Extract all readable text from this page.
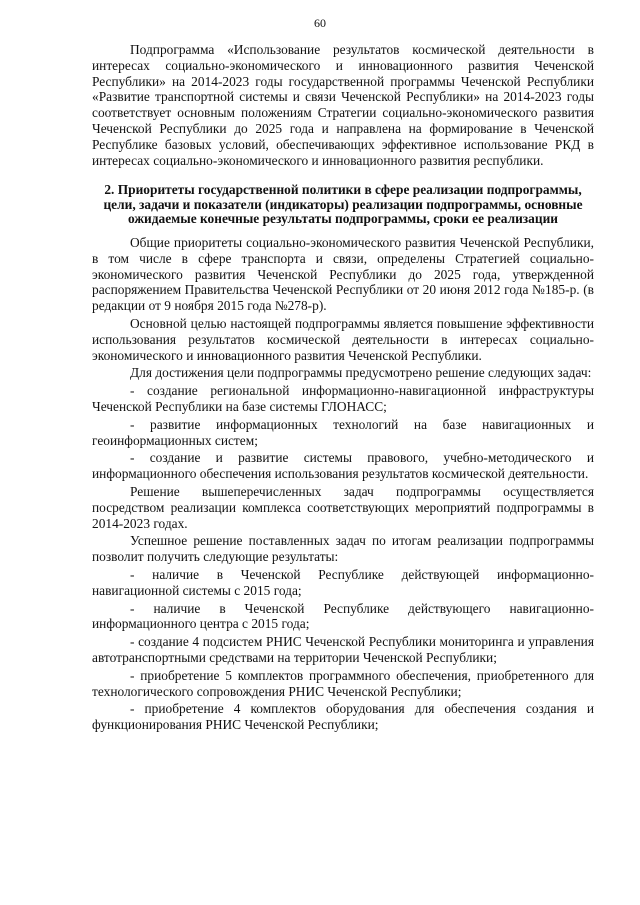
60

Подпрограмма «Использование результатов космической деятельности в интересах социально-экономического и инновационного развития Чеченской Республики» на 2014-2023 годы государственной программы Чеченской Республики «Развитие транспортной системы и связи Чеченской Республики» на 2014-2023 годы соответствует основным положениям Стратегии социально-экономического развития Чеченской Республики до 2025 года и направлена на формирование в Чеченской Республике базовых условий, обеспечивающих эффективное использование РКД в интересах социально-экономического и инновационного развития республики.

2. Приоритеты государственной политики в сфере реализации подпрограммы, цели, задачи и показатели (индикаторы) реализации подпрограммы, основные ожидаемые конечные результаты подпрограммы, сроки ее реализации

Общие приоритеты социально-экономического развития Чеченской Республики, в том числе в сфере транспорта и связи, определены Стратегией социально-экономического развития Чеченской Республики до 2025 года, утвержденной распоряжением Правительства Чеченской Республики от 20 июня 2012 года №185-р. (в редакции от 9 ноября 2015 года №278-р).

Основной целью настоящей подпрограммы является повышение эффективности использования результатов космической деятельности в интересах социально-экономического и инновационного развития Чеченской Республики.

Для достижения цели подпрограммы предусмотрено решение следующих задач:

- создание региональной информационно-навигационной инфраструктуры Чеченской Республики на базе системы ГЛОНАСС;

- развитие информационных технологий на базе навигационных и геоинформационных систем;

- создание и развитие системы правового, учебно-методического и информационного обеспечения использования результатов космической деятельности.

Решение вышеперечисленных задач подпрограммы осуществляется посредством реализации комплекса соответствующих мероприятий подпрограммы в 2014-2023 годах.

Успешное решение поставленных задач по итогам реализации подпрограммы позволит получить следующие результаты:

- наличие в Чеченской Республике действующей информационно-навигационной системы с 2015 года;

- наличие в Чеченской Республике действующего навигационно-информационного центра с 2015 года;

- создание 4 подсистем РНИС Чеченской Республики мониторинга и управления автотранспортными средствами на территории Чеченской Республики;

- приобретение 5 комплектов программного обеспечения, приобретенного для технологического сопровождения РНИС Чеченской Республики;

- приобретение 4 комплектов оборудования для обеспечения создания и функционирования РНИС Чеченской Республики;
